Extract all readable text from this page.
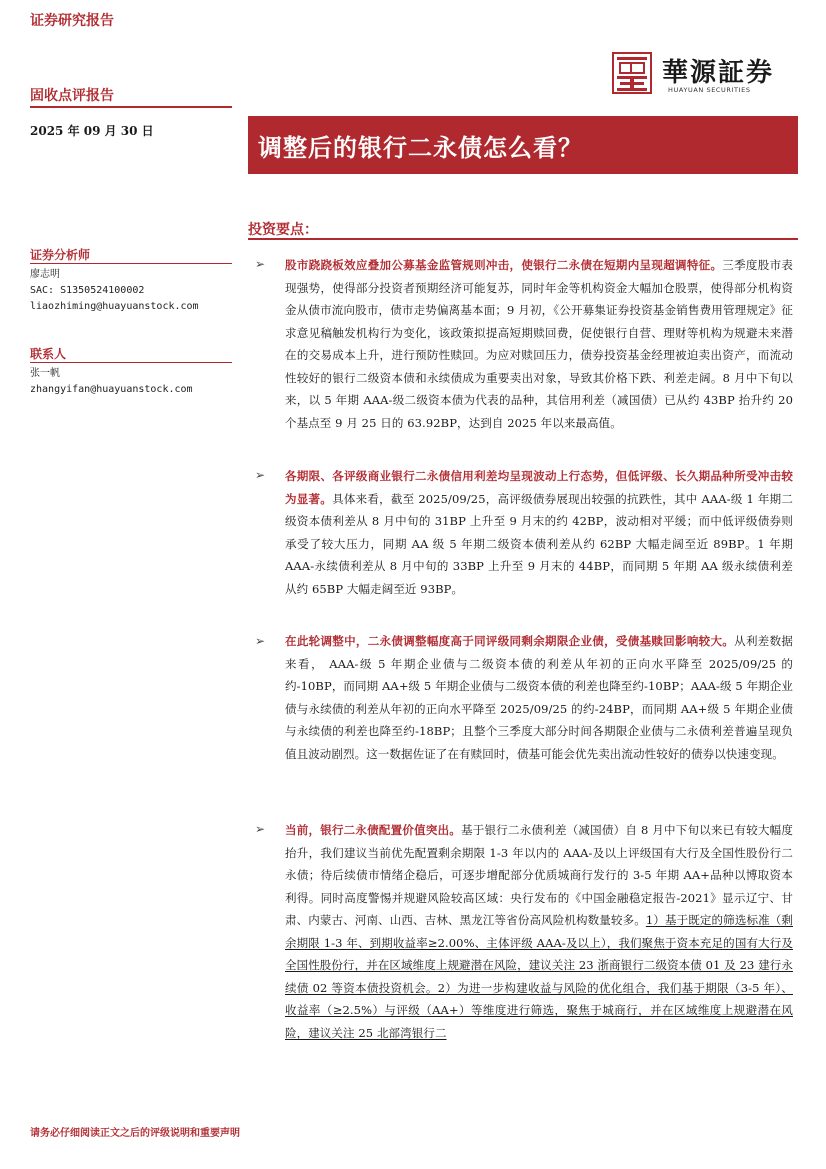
证券研究报告
固收点评报告
華源証券
HUAYUAN SECURITIES
2025 年 09 月 30 日
调整后的银行二永债怎么看？
投资要点：
证券分析师
廖志明
SAC: S1350524100002
liaozhiming@huayuanstock.com
联系人
张一帆
zhangyifan@huayuanstock.com
➢ 股市跷跷板效应叠加公募基金监管规则冲击，使银行二永债在短期内呈现超调特征。三季度股市表现强势，使得部分投资者预期经济可能复苏，同时年金等机构资金大幅加仓股票，使得部分机构资金从债市流向股市，债市走势偏离基本面；9 月初，《公开募集证券投资基金销售费用管理规定》征求意见稿触发机构行为变化，该政策拟提高短期赎回费，促使银行自营、理财等机构为规避未来潜在的交易成本上升，进行预防性赎回。为应对赎回压力，债券投资基金经理被迫卖出资产，而流动性较好的银行二级资本债和永续债成为重要卖出对象，导致其价格下跌、利差走阔。8 月中下旬以来，以 5 年期 AAA-级二级资本债为代表的品种，其信用利差（减国债）已从约 43BP 抬升约 20 个基点至 9 月 25 日的 63.92BP，达到自 2025 年以来最高值。
➢ 各期限、各评级商业银行二永债信用利差均呈现波动上行态势，但低评级、长久期品种所受冲击较为显著。具体来看，截至 2025/09/25，高评级债券展现出较强的抗跌性，其中 AAA-级 1 年期二级资本债利差从 8 月中旬的 31BP 上升至 9 月末的约 42BP，波动相对平缓；而中低评级债券则承受了较大压力，同期 AA 级 5 年期二级资本债利差从约 62BP 大幅走阔至近 89BP。1 年期 AAA-永续债利差从 8 月中旬的 33BP 上升至 9 月末的 44BP，而同期 5 年期 AA 级永续债利差从约 65BP 大幅走阔至近 93BP。
➢ 在此轮调整中，二永债调整幅度高于同评级同剩余期限企业债，受债基赎回影响较大。从利差数据来看， AAA-级 5 年期企业债与二级资本债的利差从年初的正向水平降至 2025/09/25 的约-10BP，而同期 AA+级 5 年期企业债与二级资本债的利差也降至约-10BP；AAA-级 5 年期企业债与永续债的利差从年初的正向水平降至 2025/09/25 的约-24BP，而同期 AA+级 5 年期企业债与永续债的利差也降至约-18BP；且整个三季度大部分时间各期限企业债与二永债利差普遍呈现负值且波动剧烈。这一数据佐证了在有赎回时，债基可能会优先卖出流动性较好的债券以快速变现。
➢ 当前，银行二永债配置价值突出。基于银行二永债利差（减国债）自 8 月中下旬以来已有较大幅度抬升，我们建议当前优先配置剩余期限 1-3 年以内的 AAA-及以上评级国有大行及全国性股份行二永债；待后续债市情绪企稳后，可逐步增配部分优质城商行发行的 3-5 年期 AA+品种以博取资本利得。同时高度警惕并规避风险较高区域：央行发布的《中国金融稳定报告-2021》显示辽宁、甘肃、内蒙古、河南、山西、吉林、黑龙江等省份高风险机构数量较多。1）基于既定的筛选标准（剩余期限 1-3 年、到期收益率≥2.00%、主体评级 AAA-及以上），我们聚焦于资本充足的国有大行及全国性股份行，并在区域维度上规避潜在风险，建议关注 23 浙商银行二级资本债 01 及 23 建行永续债 02 等资本债投资机会。2）为进一步构建收益与风险的优化组合，我们基于期限（3-5 年）、收益率（≥2.5%）与评级（AA+）等维度进行筛选，聚焦于城商行，并在区域维度上规避潜在风险，建议关注 25 北部湾银行二
请务必仔细阅读正文之后的评级说明和重要声明
